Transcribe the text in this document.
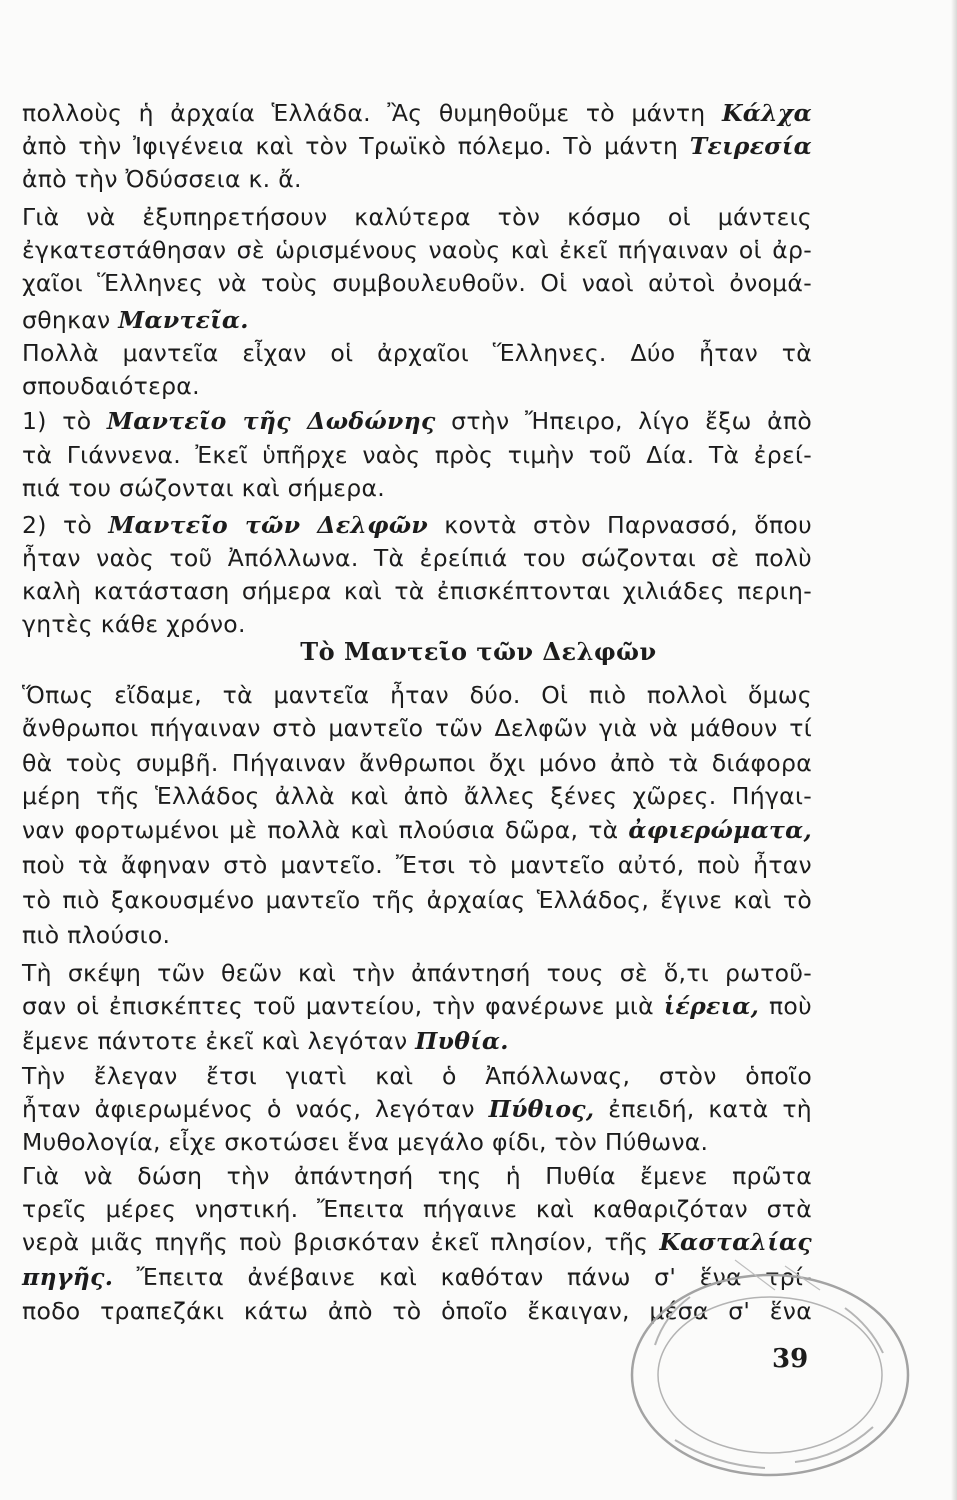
πολλοὺς ἡ ἀρχαία Ἑλλάδα. Ἂς θυμηθοῦμε τὸ μάντη Κάλχα
ἀπὸ τὴν Ἰφιγένεια καὶ τὸν Τρωϊκὸ πόλεμο. Τὸ μάντη Τειρεσία
ἀπὸ τὴν Ὀδύσσεια κ. ἄ.
Γιὰ νὰ ἐξυπηρετήσουν καλύτερα τὸν κόσμο οἱ μάντεις
ἐγκατεστάθησαν σὲ ὡρισμένους ναοὺς καὶ ἐκεῖ πήγαιναν οἱ ἀρ-
χαῖοι Ἕλληνες νὰ τοὺς συμβουλευθοῦν. Οἱ ναοὶ αὐτοὶ ὀνομά-
σθηκαν Μαντεῖα.
Πολλὰ μαντεῖα εἶχαν οἱ ἀρχαῖοι Ἕλληνες. Δύο ἦταν τὰ
σπουδαιότερα.
1) τὸ Μαντεῖο τῆς Δωδώνης στὴν Ἤπειρο, λίγο ἔξω ἀπὸ
τὰ Γιάννενα. Ἐκεῖ ὑπῆρχε ναὸς πρὸς τιμὴν τοῦ Δία. Τὰ ἐρεί-
πιά του σώζονται καὶ σήμερα.
2) τὸ Μαντεῖο τῶν Δελφῶν κοντὰ στὸν Παρνασσό, ὅπου
ἦταν ναὸς τοῦ Ἀπόλλωνα. Τὰ ἐρείπιά του σώζονται σὲ πολὺ
καλὴ κατάσταση σήμερα καὶ τὰ ἐπισκέπτονται χιλιάδες περιη-
γητὲς κάθε χρόνο.
Ὅπως εἴδαμε, τὰ μαντεῖα ἦταν δύο. Οἱ πιὸ πολλοὶ ὅμως
ἄνθρωποι πήγαιναν στὸ μαντεῖο τῶν Δελφῶν γιὰ νὰ μάθουν τί
θὰ τοὺς συμβῆ. Πήγαιναν ἄνθρωποι ὄχι μόνο ἀπὸ τὰ διάφορα
μέρη τῆς Ἑλλάδος ἀλλὰ καὶ ἀπὸ ἄλλες ξένες χῶρες. Πήγαι-
ναν φορτωμένοι μὲ πολλὰ καὶ πλούσια δῶρα, τὰ ἀφιερώματα,
ποὺ τὰ ἄφηναν στὸ μαντεῖο. Ἔτσι τὸ μαντεῖο αὐτό, ποὺ ἦταν
τὸ πιὸ ξακουσμένο μαντεῖο τῆς ἀρχαίας Ἑλλάδος, ἔγινε καὶ τὸ
πιὸ πλούσιο.
Τὴ σκέψη τῶν θεῶν καὶ τὴν ἀπάντησή τους σὲ ὅ,τι ρωτοῦ-
σαν οἱ ἐπισκέπτες τοῦ μαντείου, τὴν φανέρωνε μιὰ ἱέρεια, ποὺ
ἔμενε πάντοτε ἐκεῖ καὶ λεγόταν Πυθία.
Τὴν ἔλεγαν ἔτσι γιατὶ καὶ ὁ Ἀπόλλωνας, στὸν ὁποῖο
ἦταν ἀφιερωμένος ὁ ναός, λεγόταν Πύθιος, ἐπειδή, κατὰ τὴ
Μυθολογία, εἶχε σκοτώσει ἕνα μεγάλο φίδι, τὸν Πύθωνα.
Γιὰ νὰ δώση τὴν ἀπάντησή της ἡ Πυθία ἔμενε πρῶτα
τρεῖς μέρες νηστική. Ἔπειτα πήγαινε καὶ καθαριζόταν στὰ
νερὰ μιᾶς πηγῆς ποὺ βρισκόταν ἐκεῖ πλησίον, τῆς Κασταλίας
πηγῆς. Ἔπειτα ἀνέβαινε καὶ καθόταν πάνω σ' ἕνα τρί-
ποδο τραπεζάκι κάτω ἀπὸ τὸ ὁποῖο ἔκαιγαν, μέσα σ' ἕνα
Τὸ Μαντεῖο τῶν Δελφῶν
39
